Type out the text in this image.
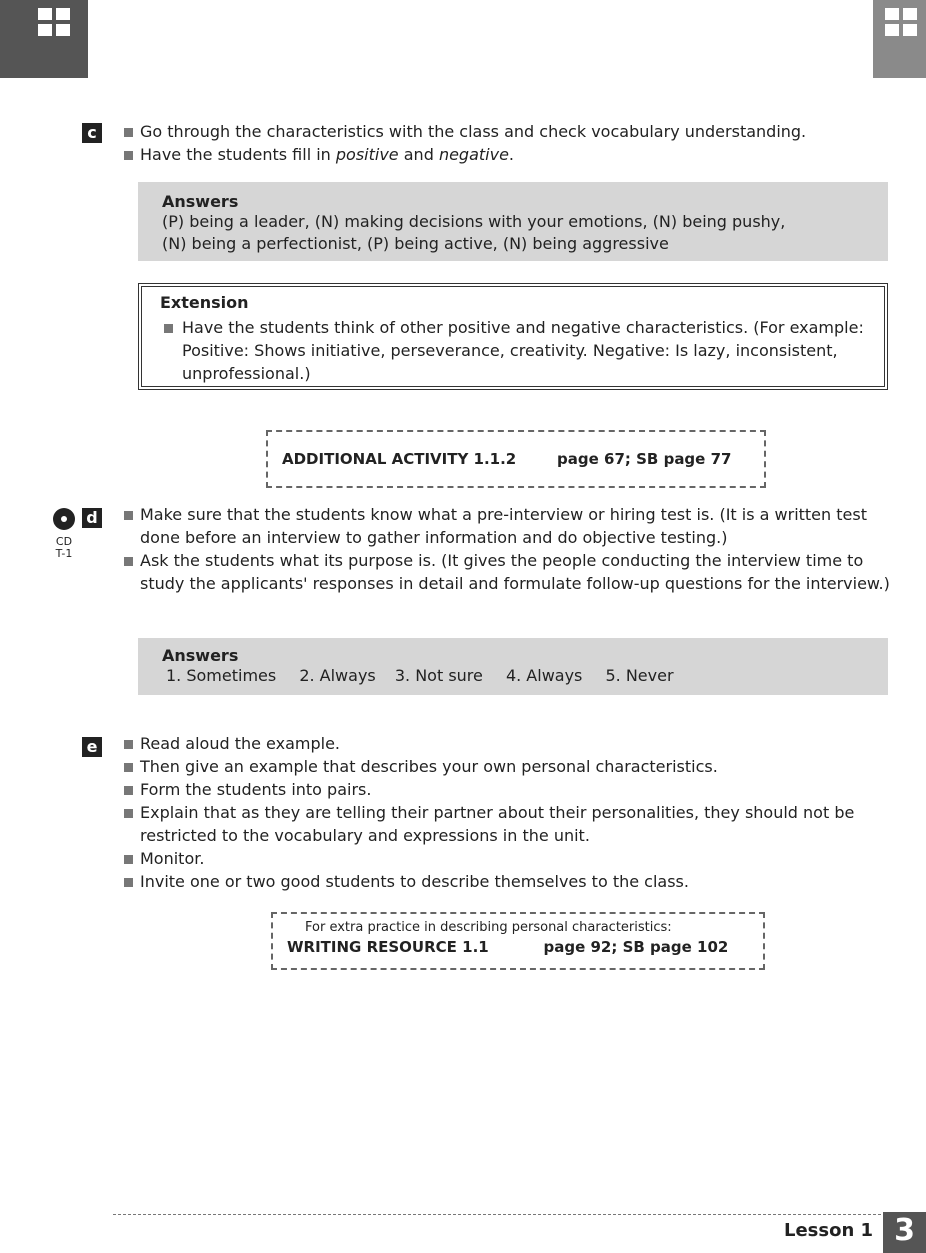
c	Go through the characteristics with the class and check vocabulary understanding.
Have the students fill in positive and negative.
Answers
(P) being a leader, (N) making decisions with your emotions, (N) being pushy,
(N) being a perfectionist, (P) being active, (N) being aggressive
Extension
Have the students think of other positive and negative characteristics. (For example: Positive: Shows initiative, perseverance, creativity. Negative: Is lazy, inconsistent, unprofessional.)
ADDITIONAL ACTIVITY 1.1.2	page 67; SB page 77
CD
T-1
d	Make sure that the students know what a pre-interview or hiring test is. (It is a written test done before an interview to gather information and do objective testing.)
Ask the students what its purpose is. (It gives the people conducting the interview time to study the applicants' responses in detail and formulate follow-up questions for the interview.)
Answers
1. Sometimes 2. Always 3. Not sure 4. Always 5. Never
e	Read aloud the example.
Then give an example that describes your own personal characteristics.
Form the students into pairs.
Explain that as they are telling their partner about their personalities, they should not be restricted to the vocabulary and expressions in the unit.
Monitor.
Invite one or two good students to describe themselves to the class.
For extra practice in describing personal characteristics:
WRITING RESOURCE 1.1	page 92; SB page 102
Lesson 1 3
